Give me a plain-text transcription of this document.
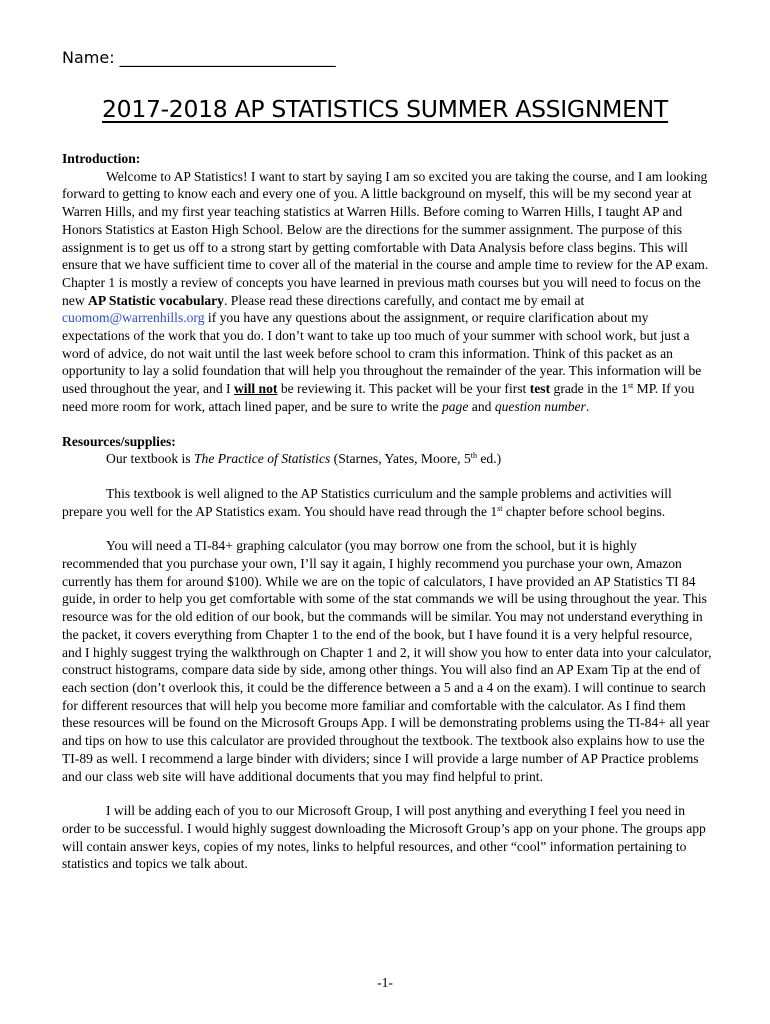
Name: ___________________________
2017-2018 AP STATISTICS SUMMER ASSIGNMENT

Introduction:

Welcome to AP Statistics! I want to start by saying I am so excited you are taking the course, and I am looking forward to getting to know each and every one of you. A little background on myself, this will be my second year at Warren Hills, and my first year teaching statistics at Warren Hills. Before coming to Warren Hills, I taught AP and Honors Statistics at Easton High School. Below are the directions for the summer assignment. The purpose of this assignment is to get us off to a strong start by getting comfortable with Data Analysis before class begins. This will ensure that we have sufficient time to cover all of the material in the course and ample time to review for the AP exam. Chapter 1 is mostly a review of concepts you have learned in previous math courses but you will need to focus on the new AP Statistic vocabulary. Please read these directions carefully, and contact me by email at cuomom@warrenhills.org if you have any questions about the assignment, or require clarification about my expectations of the work that you do. I don’t want to take up too much of your summer with school work, but just a word of advice, do not wait until the last week before school to cram this information. Think of this packet as an opportunity to lay a solid foundation that will help you throughout the remainder of the year. This information will be used throughout the year, and I will not be reviewing it. This packet will be your first test grade in the 1st MP. If you need more room for work, attach lined paper, and be sure to write the page and question number.

Resources/supplies:

Our textbook is The Practice of Statistics (Starnes, Yates, Moore, 5th ed.)

This textbook is well aligned to the AP Statistics curriculum and the sample problems and activities will prepare you well for the AP Statistics exam. You should have read through the 1st chapter before school begins.

You will need a TI-84+ graphing calculator (you may borrow one from the school, but it is highly recommended that you purchase your own, I’ll say it again, I highly recommend you purchase your own, Amazon currently has them for around $100). While we are on the topic of calculators, I have provided an AP Statistics TI 84 guide, in order to help you get comfortable with some of the stat commands we will be using throughout the year. This resource was for the old edition of our book, but the commands will be similar. You may not understand everything in the packet, it covers everything from Chapter 1 to the end of the book, but I have found it is a very helpful resource, and I highly suggest trying the walkthrough on Chapter 1 and 2, it will show you how to enter data into your calculator, construct histograms, compare data side by side, among other things. You will also find an AP Exam Tip at the end of each section (don’t overlook this, it could be the difference between a 5 and a 4 on the exam). I will continue to search for different resources that will help you become more familiar and comfortable with the calculator. As I find them these resources will be found on the Microsoft Groups App. I will be demonstrating problems using the TI-84+ all year and tips on how to use this calculator are provided throughout the textbook. The textbook also explains how to use the TI-89 as well. I recommend a large binder with dividers; since I will provide a large number of AP Practice problems and our class web site will have additional documents that you may find helpful to print.

I will be adding each of you to our Microsoft Group, I will post anything and everything I feel you need in order to be successful. I would highly suggest downloading the Microsoft Group’s app on your phone. The groups app will contain answer keys, copies of my notes, links to helpful resources, and other “cool” information pertaining to statistics and topics we talk about.

-1-
